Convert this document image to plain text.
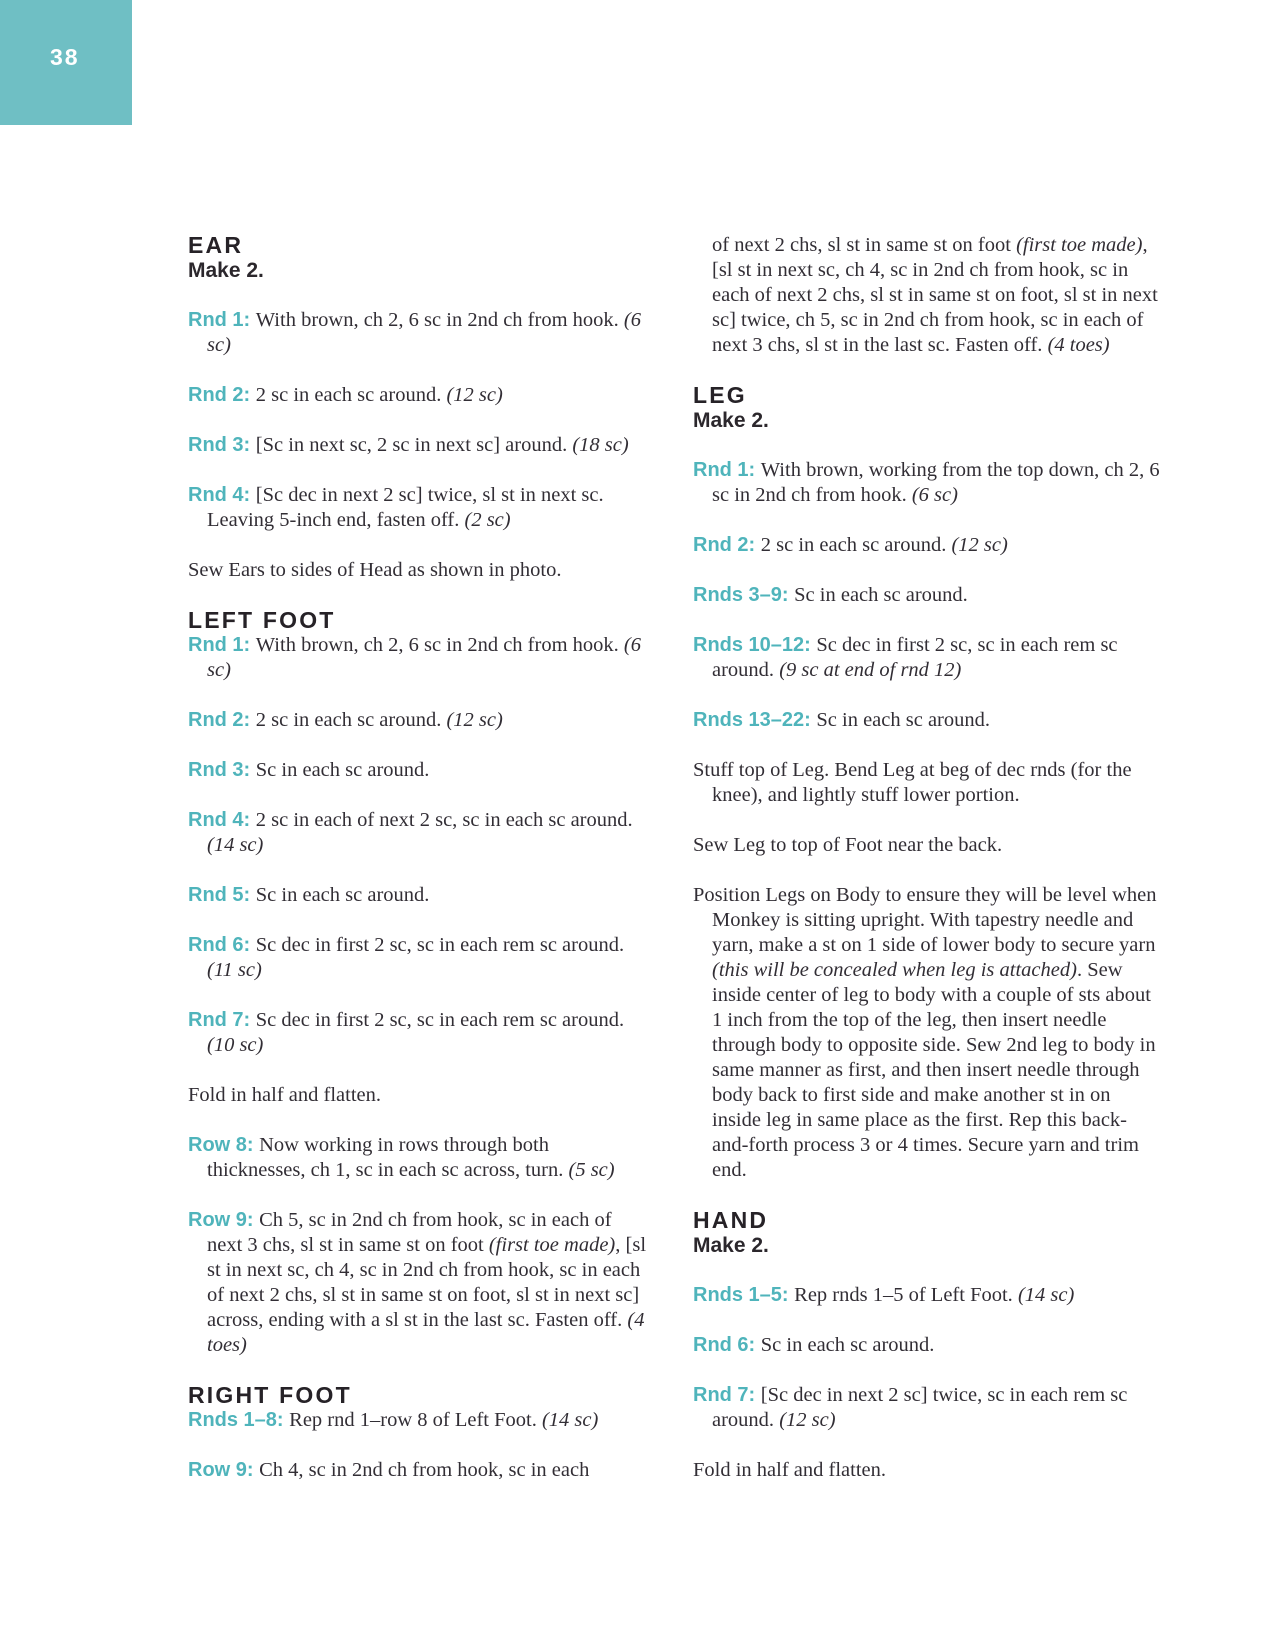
38
EAR
Make 2.
Rnd 1: With brown, ch 2, 6 sc in 2nd ch from hook. (6 sc)
Rnd 2: 2 sc in each sc around. (12 sc)
Rnd 3: [Sc in next sc, 2 sc in next sc] around. (18 sc)
Rnd 4: [Sc dec in next 2 sc] twice, sl st in next sc. Leaving 5-inch end, fasten off. (2 sc)
Sew Ears to sides of Head as shown in photo.
LEFT FOOT
Rnd 1: With brown, ch 2, 6 sc in 2nd ch from hook. (6 sc)
Rnd 2: 2 sc in each sc around. (12 sc)
Rnd 3: Sc in each sc around.
Rnd 4: 2 sc in each of next 2 sc, sc in each sc around. (14 sc)
Rnd 5: Sc in each sc around.
Rnd 6: Sc dec in first 2 sc, sc in each rem sc around. (11 sc)
Rnd 7: Sc dec in first 2 sc, sc in each rem sc around. (10 sc)
Fold in half and flatten.
Row 8: Now working in rows through both thicknesses, ch 1, sc in each sc across, turn. (5 sc)
Row 9: Ch 5, sc in 2nd ch from hook, sc in each of next 3 chs, sl st in same st on foot (first toe made), [sl st in next sc, ch 4, sc in 2nd ch from hook, sc in each of next 2 chs, sl st in same st on foot, sl st in next sc] across, ending with a sl st in the last sc. Fasten off. (4 toes)
RIGHT FOOT
Rnds 1–8: Rep rnd 1–row 8 of Left Foot. (14 sc)
Row 9: Ch 4, sc in 2nd ch from hook, sc in each
of next 2 chs, sl st in same st on foot (first toe made), [sl st in next sc, ch 4, sc in 2nd ch from hook, sc in each of next 2 chs, sl st in same st on foot, sl st in next sc] twice, ch 5, sc in 2nd ch from hook, sc in each of next 3 chs, sl st in the last sc. Fasten off. (4 toes)
LEG
Make 2.
Rnd 1: With brown, working from the top down, ch 2, 6 sc in 2nd ch from hook. (6 sc)
Rnd 2: 2 sc in each sc around. (12 sc)
Rnds 3–9: Sc in each sc around.
Rnds 10–12: Sc dec in first 2 sc, sc in each rem sc around. (9 sc at end of rnd 12)
Rnds 13–22: Sc in each sc around.
Stuff top of Leg. Bend Leg at beg of dec rnds (for the knee), and lightly stuff lower portion.
Sew Leg to top of Foot near the back.
Position Legs on Body to ensure they will be level when Monkey is sitting upright. With tapestry needle and yarn, make a st on 1 side of lower body to secure yarn (this will be concealed when leg is attached). Sew inside center of leg to body with a couple of sts about 1 inch from the top of the leg, then insert needle through body to opposite side. Sew 2nd leg to body in same manner as first, and then insert needle through body back to first side and make another st in on inside leg in same place as the first. Rep this back-and-forth process 3 or 4 times. Secure yarn and trim end.
HAND
Make 2.
Rnds 1–5: Rep rnds 1–5 of Left Foot. (14 sc)
Rnd 6: Sc in each sc around.
Rnd 7: [Sc dec in next 2 sc] twice, sc in each rem sc around. (12 sc)
Fold in half and flatten.
